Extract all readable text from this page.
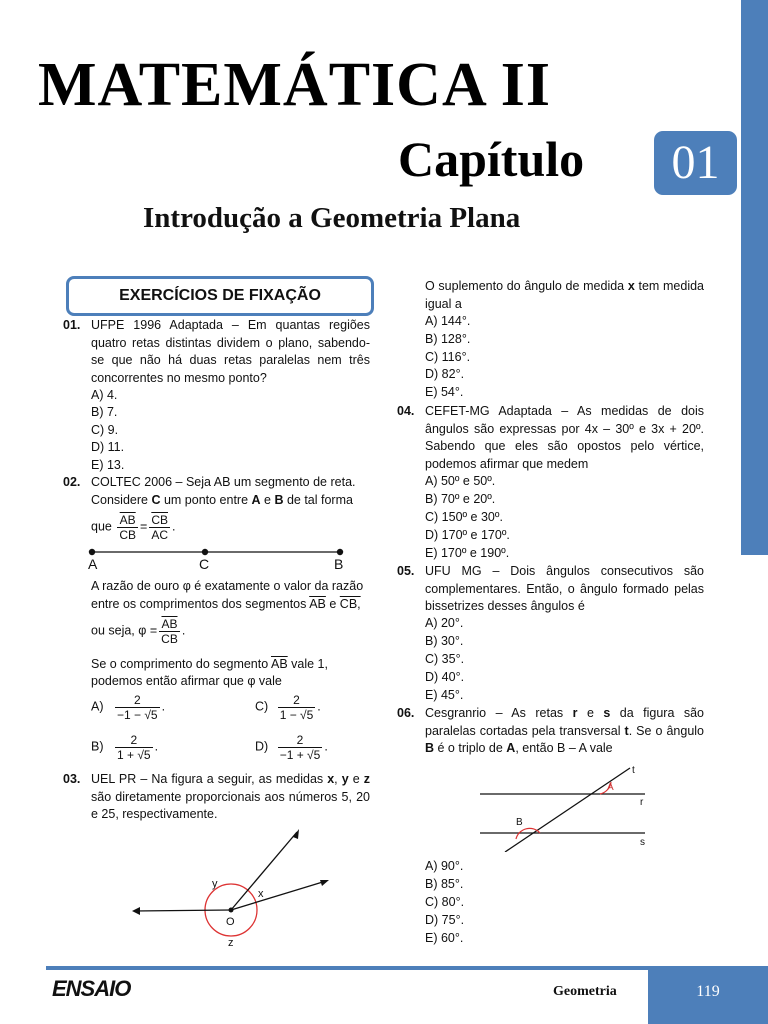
MATEMÁTICA II
Capítulo	01
Introdução a Geometria Plana
EXERCÍCIOS DE FIXAÇÃO
01. UFPE 1996 Adaptada – Em quantas regiões quatro retas distintas dividem o plano, sabendo-se que não há duas retas paralelas nem três concorrentes no mesmo ponto?
A) 4.
B) 7.
C) 9.
D) 11.
E) 13.
02. COLTEC 2006 – Seja AB um segmento de reta.
Considere C um ponto entre A e B de tal forma
que $\frac{\overline{AB}}{CB} = \frac{\overline{CB}}{AC}$ .
A	C	B
A razão de ouro φ é exatamente o valor da razão
entre os comprimentos dos segmentos $\overline{AB}$ e CB,
ou seja, $\varphi = \frac{\overline{AB}}{CB}$ .
Se o comprimento do segmento $\overline{AB}$ vale 1,
podemos então afirmar que φ vale
$A) \frac{2}{-1 - √5}$ .	$C) \frac{2}{1 - √5}$ .
$B) \frac{2}{1 + √5}$ .	$D) \frac{2}{-1 + √5}$ .
03. UEL PR – Na figura a seguir, as medidas x, y e z são diretamente proporcionais aos números 5, 20 e 25, respectivamente.
y
x
O
z
O suplemento do ângulo de medida x tem medida igual a
A) 144°.
B) 128°.
C) 116°.
D) 82°.
E) 54°.
04. CEFET-MG Adaptada – As medidas de dois ângulos são expressas por 4x – 30º e 3x + 20º. Sabendo que eles são opostos pelo vértice, podemos afirmar que medem
A) 50º e 50º.
B) 70º e 20º.
C) 150º e 30º.
D) 170º e 170º.
E) 170º e 190º.
05. UFU MG – Dois ângulos consecutivos são complementares. Então, o ângulo formado pelas bissetrizes desses ângulos é
A) 20°.
B) 30°.
C) 35°.
D) 40°.
E) 45°.
06. Cesgranrio – As retas r e s da figura são paralelas cortadas pela transversal t. Se o ângulo B é o triplo de A, então B – A vale
t
A
r
B
s
A) 90°.
B) 85°.
C) 80°.
D) 75°.
E) 60°.
ENSAIO	Geometria	119
